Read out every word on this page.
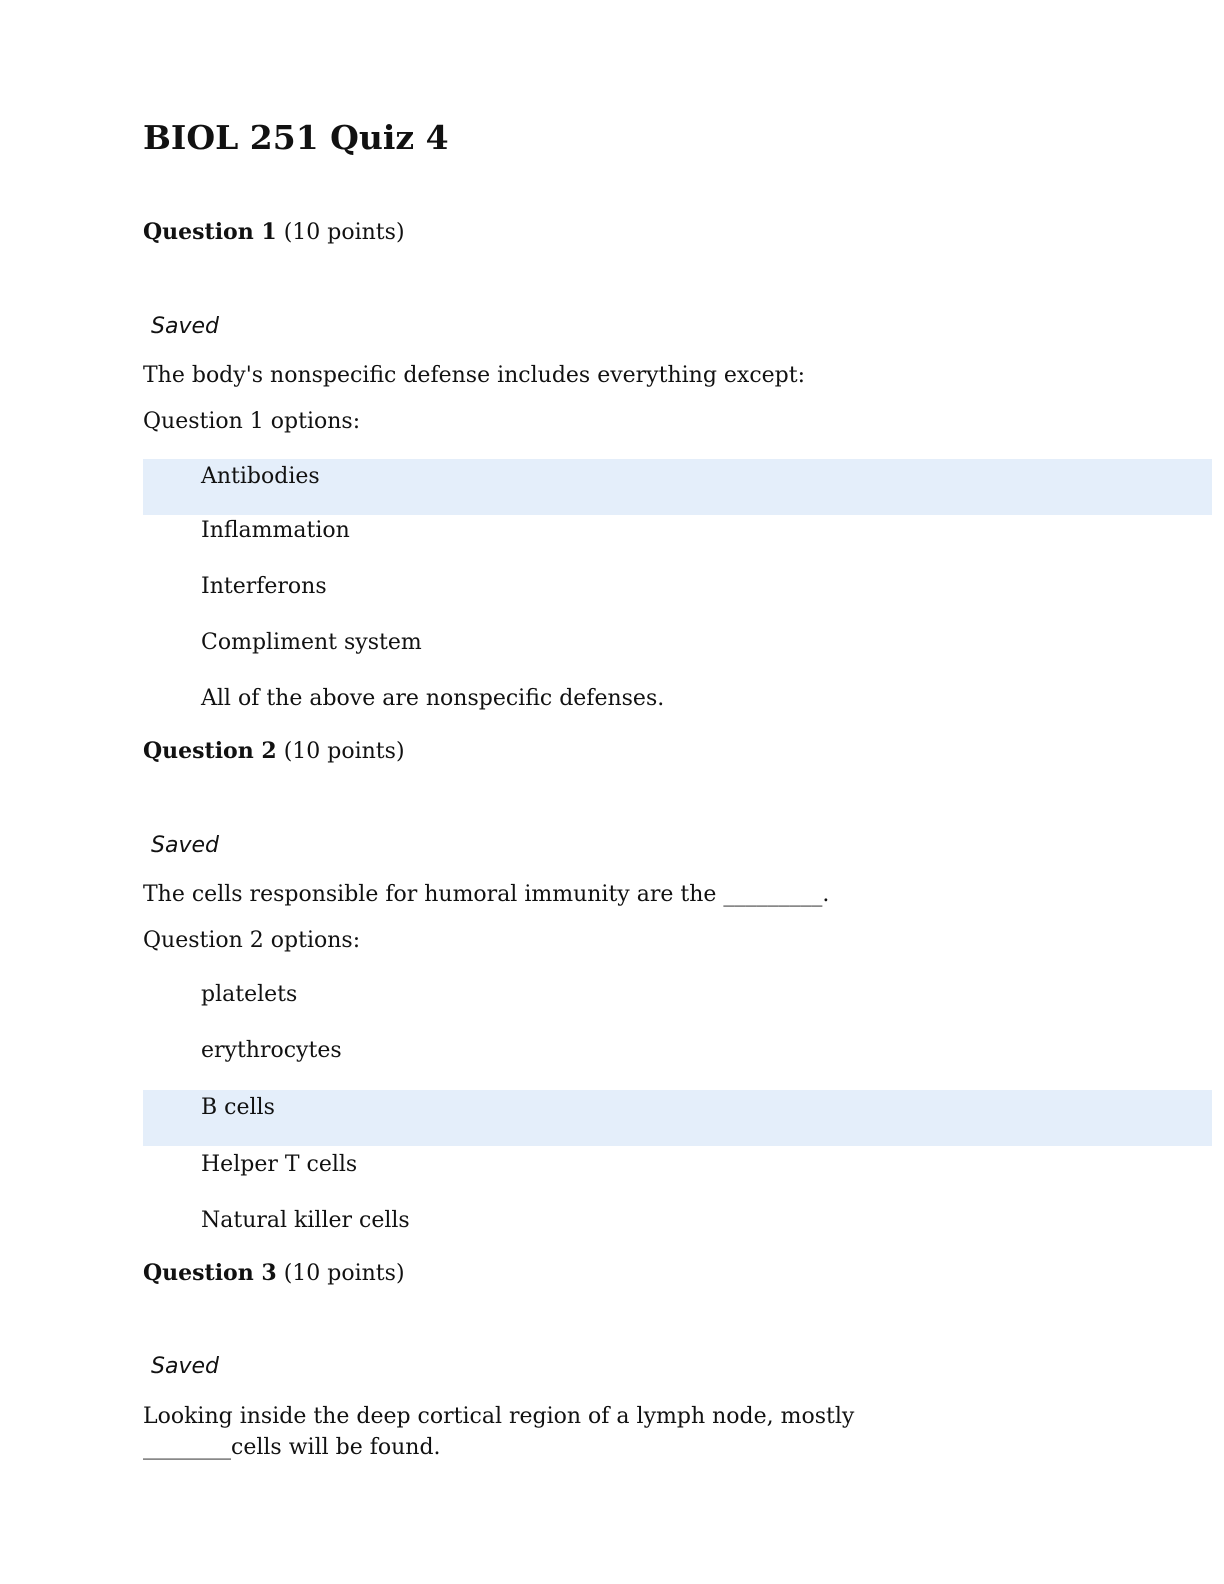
BIOL 251 Quiz 4
Question 1 (10 points)
Saved
The body's nonspecific defense includes everything except:
Question 1 options:
Antibodies
Inflammation
Interferons
Compliment system
All of the above are nonspecific defenses.
Question 2 (10 points)
Saved
The cells responsible for humoral immunity are the _________.
Question 2 options:
platelets
erythrocytes
B cells
Helper T cells
Natural killer cells
Question 3 (10 points)
Saved
Looking inside the deep cortical region of a lymph node, mostly ________cells will be found.
